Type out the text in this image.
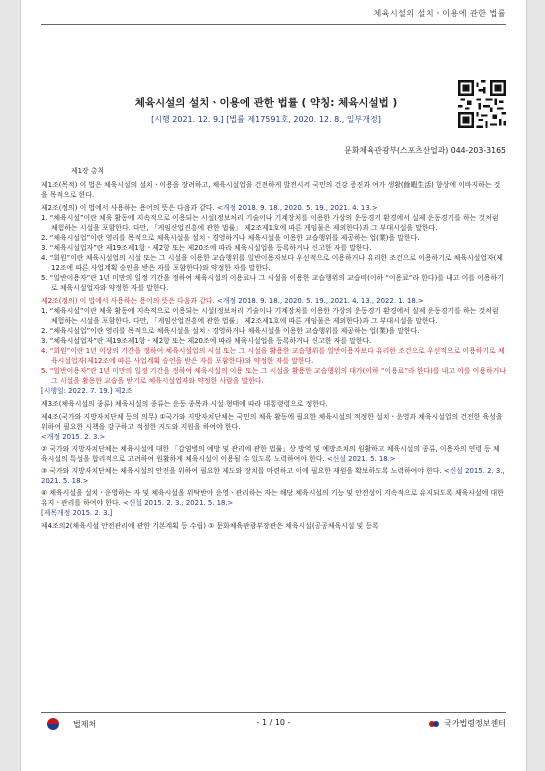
체육시설의 설치ㆍ이용에 관한 법률
체육시설의 설치ㆍ이용에 관한 법률 ( 약칭: 체육시설법 )
[시행 2021. 12. 9.] [법률 제17591호, 2020. 12. 8., 일부개정]
문화체육관광부(스포츠산업과) 044-203-3165

제1장 총칙

제1조(목적) 이 법은 체육시설의 설치ㆍ이용을 장려하고, 체육시설업을 건전하게 발전시켜 국민의 건강 증진과 여가 생활(餘暇生活) 향상에 이바지하는 것을 목적으로 한다.

제2조(정의) 이 법에서 사용하는 용어의 뜻은 다음과 같다. <개정 2018. 9. 18., 2020. 5. 19., 2021. 4. 13.>

1. “체육시설”이란 체육 활동에 지속적으로 이용되는 시설(정보처리 기술이나 기계장치를 이용한 가상의 운동경기 환경에서 실제 운동경기를 하는 것처럼 체험하는 시설을 포함한다. 다만, 「게임산업진흥에 관한 법률」 제2조제1호에 따른 게임물은 제외한다)과 그 부대시설을 말한다.

2. “체육시설업”이란 영리를 목적으로 체육시설을 설치ㆍ경영하거나 체육시설을 이용한 교습행위를 제공하는 업(業)을 말한다.

3. “체육시설업자”란 제19조제1항ㆍ제2항 또는 제20조에 따라 체육시설업을 등록하거나 신고한 자를 말한다.

4. “회원”이란 체육시설업의 시설 또는 그 시설을 이용한 교습행위를 일반이용자보다 우선적으로 이용하거나 유리한 조건으로 이용하기로 체육시설업자(제12조에 따른 사업계획 승인을 받은 자를 포함한다)와 약정한 자를 말한다.

5. “일반이용자”란 1년 미만의 일정 기간을 정하여 체육시설의 이용료나 그 시설을 이용한 교습행위의 교습비(이하 “이용료”라 한다)를 내고 이를 이용하기로 체육시설업자와 약정한 자를 말한다.

제2조(정의) 이 법에서 사용하는 용어의 뜻은 다음과 같다. <개정 2018. 9. 18., 2020. 5. 19., 2021. 4. 13., 2022. 1. 18.>

1. “체육시설”이란 체육 활동에 지속적으로 이용되는 시설(정보처리 기술이나 기계장치를 이용한 가상의 운동경기 환경에서 실제 운동경기를 하는 것처럼 체험하는 시설을 포함한다. 다만, 「게임산업진흥에 관한 법률」 제2조제1호에 따른 게임물은 제외한다)과 그 부대시설을 말한다.

2. “체육시설업”이란 영리를 목적으로 체육시설을 설치ㆍ경영하거나 체육시설을 이용한 교습행위를 제공하는 업(業)을 말한다.

3. “체육시설업자”란 제19조제1항ㆍ제2항 또는 제20조에 따라 체육시설업을 등록하거나 신고한 자를 말한다.

4. “회원”이란 1년 이상의 기간을 정하여 체육시설업의 시설 또는 그 시설을 활용한 교습행위를 일반이용자보다 유리한 조건으로 우선적으로 이용하기로 체육시설업자(제12조에 따른 사업계획 승인을 받은 자를 포함한다)와 약정한 자를 말한다.

5. “일반이용자”란 1년 미만의 일정 기간을 정하여 체육시설의 이용 또는 그 시설을 활용한 교습행위의 대가(이하 “이용료”라 한다)를 내고 이를 이용하거나 그 시설을 활용한 교습을 받기로 체육시설업자와 약정한 사람을 말한다.

[시행일: 2022. 7. 19.] 제2조

제3조(체육시설의 종류) 체육시설의 종류는 운동 종목과 시설 형태에 따라 대통령령으로 정한다.

제4조(국가와 지방자치단체 등의 의무) ①국가와 지방자치단체는 국민의 체육 활동에 필요한 체육시설의 적정한 설치ㆍ운영과 체육시설업의 건전한 육성을 위하여 필요한 시책을 강구하고 적절한 지도와 지원을 하여야 한다.

<개정 2015. 2. 3.>

② 국가와 지방자치단체는 체육시설에 대한 「감염병의 예방 및 관리에 관한 법률」상 방역 및 예방조치의 원활하고 체육시설의 종류, 이용자의 연령 등 체육시설의 특성을 합리적으로 고려하여 원활하게 체육시설이 이용될 수 있도록 노력하여야 한다. <신설 2021. 5. 18.>

③ 국가와 지방자치단체는 체육시설의 안전을 위하여 필요한 제도와 장치를 마련하고 이에 필요한 재원을 확보하도록 노력하여야 한다. <신설 2015. 2. 3., 2021. 5. 18.>

④ 체육시설을 설치ㆍ운영하는 자 및 체육시설을 위탁받아 운영ㆍ관리하는 자는 해당 체육시설의 기능 및 안전성이 지속적으로 유지되도록 체육시설에 대한 유지ㆍ관리를 하여야 한다. <신설 2015. 2. 3., 2021. 5. 18.>

[제목개정 2015. 2. 3.]

제4조의2(체육시설 안전관리에 관한 기본계획 등 수립) ① 문화체육관광부장관은 체육시설(공공체육시설 및 등록

법제처	- 1 / 10 -	국가법령정보센터
